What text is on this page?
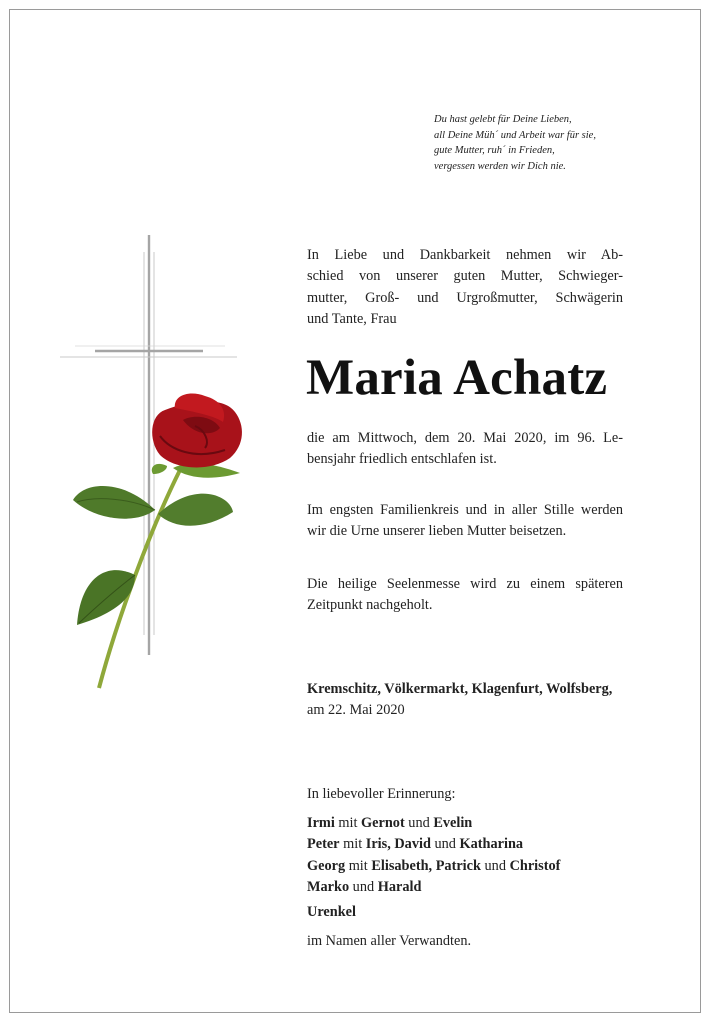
Du hast gelebt für Deine Lieben,
all Deine Müh´ und Arbeit war für sie,
gute Mutter, ruh´ in Frieden,
vergessen werden wir Dich nie.
In Liebe und Dankbarkeit nehmen wir Ab-
schied von unserer guten Mutter, Schwieger-
mutter, Groß- und Urgroßmutter, Schwägerin
und Tante, Frau
Maria Achatz
die am Mittwoch, dem 20. Mai 2020, im 96. Le-
bensjahr friedlich entschlafen ist.
Im engsten Familienkreis und in aller Stille werden
wir die Urne unserer lieben Mutter beisetzen.
Die heilige Seelenmesse wird zu einem späteren
Zeitpunkt nachgeholt.
Kremschitz, Völkermarkt, Klagenfurt, Wolfsberg,
am 22. Mai 2020
In liebevoller Erinnerung:
Irmi mit Gernot und Evelin
Peter mit Iris, David und Katharina
Georg mit Elisabeth, Patrick und Christof
Marko und Harald
Urenkel
im Namen aller Verwandten.
